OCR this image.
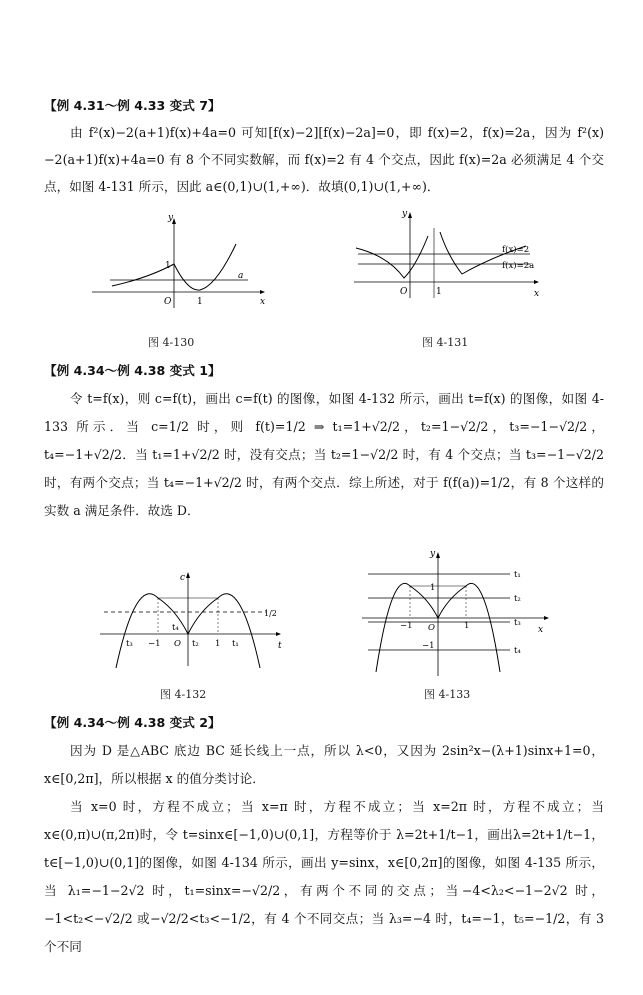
【例 4.31～例 4.33 变式 7】
由 f²(x)−2(a+1)f(x)+4a=0 可知[f(x)−2][f(x)−2a]=0，即 f(x)=2，f(x)=2a，因为 f²(x)−2(a+1)f(x)+4a=0 有 8 个不同实数解，而 f(x)=2 有 4 个交点，因此 f(x)=2a 必须满足 4 个交点，如图 4-131 所示，因此 a∈(0,1)∪(1,+∞)．故填(0,1)∪(1,+∞)．
y
x
O
1
1
a
图 4-130
y
x
O	1
f(x)=2
f(x)=2a
图 4-131
【例 4.34～例 4.38 变式 1】
令 t=f(x)，则 c=f(t)，画出 c=f(t) 的图像，如图 4-132 所示，画出 t=f(x) 的图像，如图 4-133 所示．当 c=1/2 时，则 f(t)=1/2 ⇒ t₁=1+√2/2，t₂=1−√2/2，t₃=−1−√2/2，t₄=−1+√2/2．当 t₁=1+√2/2 时，没有交点；当 t₂=1−√2/2 时，有 4 个交点；当 t₃=−1−√2/2 时，有两个交点；当 t₄=−1+√2/2 时，有两个交点．综上所述，对于 f(f(a))=1/2，有 8 个这样的实数 a 满足条件．故选 D．
c
t
1/2
t₃ −1 O t₂ 1 t₁
t₄
图 4-132
y
x
O
1
−1
−1	1
t₁
t₂
t₃
t₄
图 4-133
【例 4.34～例 4.38 变式 2】
因为 D 是△ABC 底边 BC 延长线上一点，所以 λ<0，又因为 2sin²x−(λ+1)sinx+1=0，x∈[0,2π]，所以根据 x 的值分类讨论．
当 x=0 时，方程不成立；当 x=π 时，方程不成立；当 x=2π 时，方程不成立；当 x∈(0,π)∪(π,2π)时，令 t=sinx∈[−1,0)∪(0,1]，方程等价于 λ=2t+1/t−1，画出λ=2t+1/t−1，t∈[−1,0)∪(0,1]的图像，如图 4-134 所示，画出 y=sinx，x∈[0,2π]的图像，如图 4-135 所示，当 λ₁=−1−2√2 时，t₁=sinx=−√2/2，有两个不同的交点；当−4<λ₂<−1−2√2 时，−1<t₂<−√2/2 或−√2/2<t₃<−1/2，有 4 个不同交点；当 λ₃=−4 时，t₄=−1，t₅=−1/2，有 3 个不同
